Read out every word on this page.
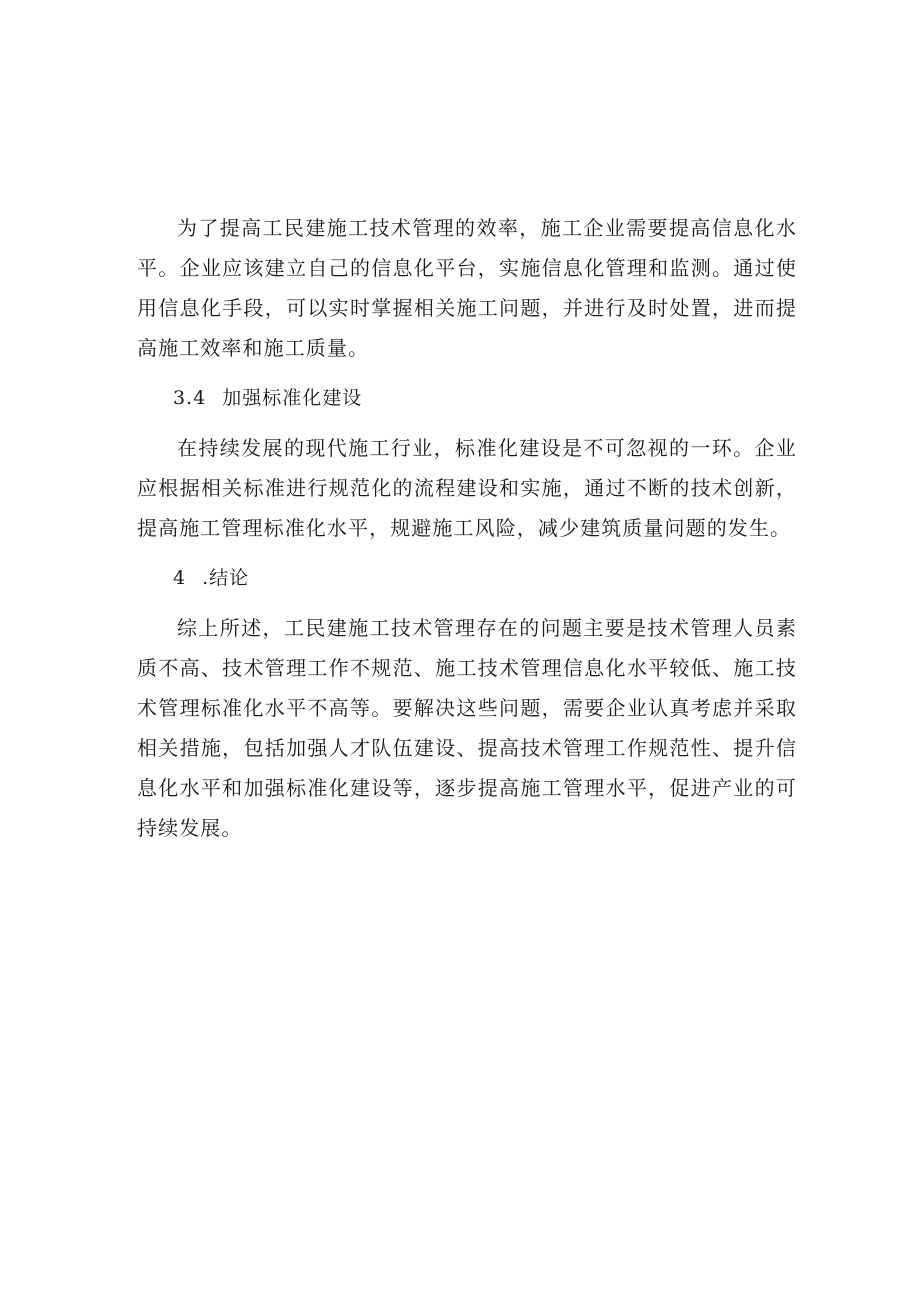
为了提高工民建施工技术管理的效率，施工企业需要提高信息化水平。企业应该建立自己的信息化平台，实施信息化管理和监测。通过使用信息化手段，可以实时掌握相关施工问题，并进行及时处置，进而提高施工效率和施工质量。

3.4 加强标准化建设

在持续发展的现代施工行业，标准化建设是不可忽视的一环。企业应根据相关标准进行规范化的流程建设和实施，通过不断的技术创新，提高施工管理标准化水平，规避施工风险，减少建筑质量问题的发生。

4 .结论

综上所述，工民建施工技术管理存在的问题主要是技术管理人员素质不高、技术管理工作不规范、施工技术管理信息化水平较低、施工技术管理标准化水平不高等。要解决这些问题，需要企业认真考虑并采取相关措施，包括加强人才队伍建设、提高技术管理工作规范性、提升信息化水平和加强标准化建设等，逐步提高施工管理水平，促进产业的可持续发展。
